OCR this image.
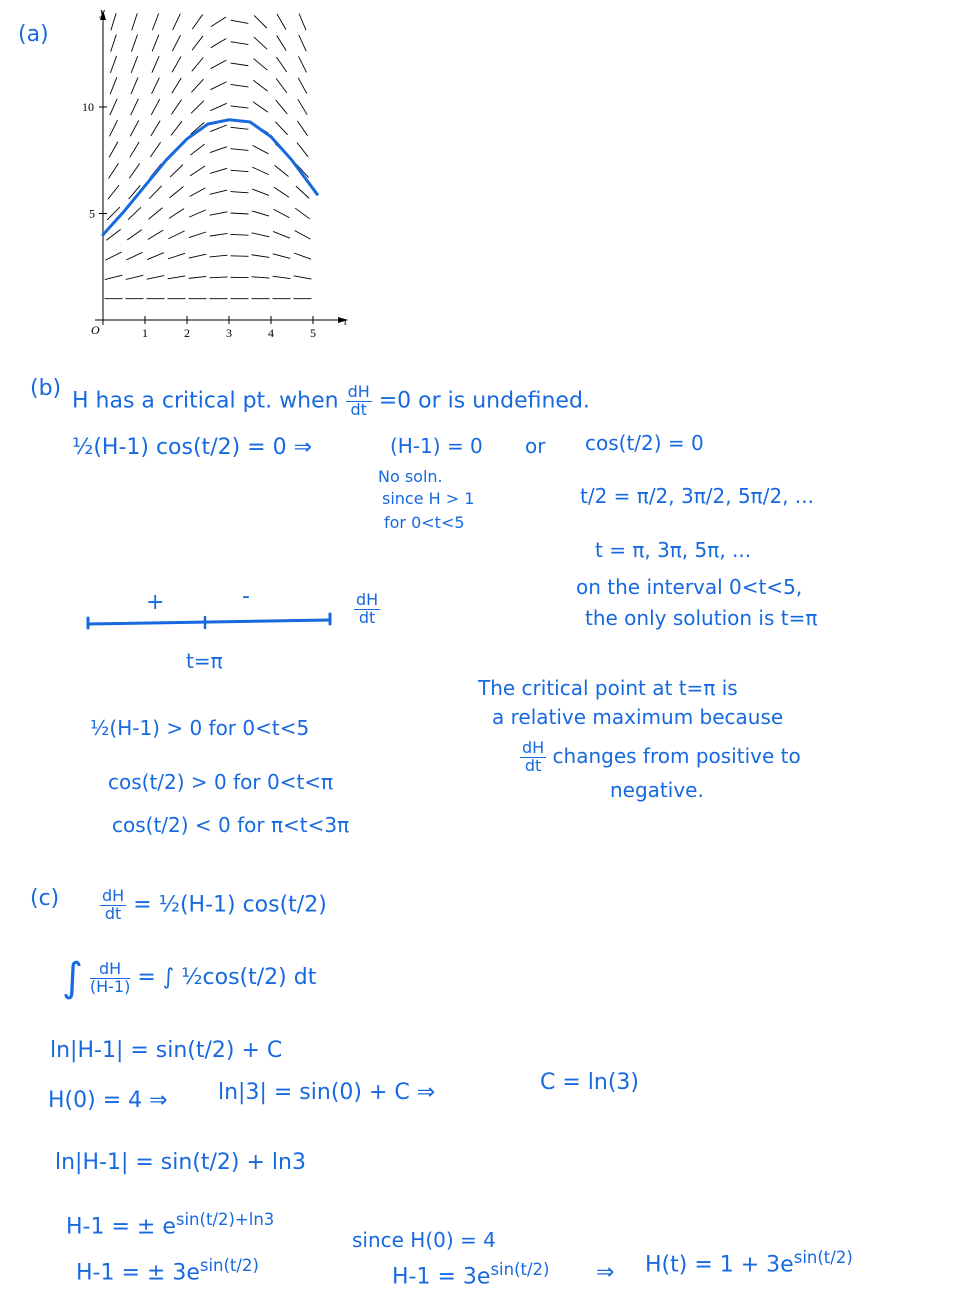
(a)
y
t
O	1	2	3	4	5
5
10
(b) H has a critical pt. when $\frac{dH}{dt} =0$ or is undefined.
½(H-1) cos(t/2) = 0 ⇒	(H-1) = 0 or cos(t/2) = 0
No soln.
since H > 1
for 0<t<5
t/2 = π/2, 3π/2, 5π/2, ...
t = π, 3π, 5π, ...
on the interval 0<t<5,
the only solution is t=π
+	-	$\frac{dH}{dt}$
t=π
The critical point at t=π is
a relative maximum because
$\frac{dH}{dt}$ changes from positive to
negative.
½(H-1) > 0 for 0<t<5
cos(t/2) > 0 for 0<t<π
cos(t/2) < 0 for π<t<3π
(c)	$\frac{dH}{dt}$ = ½(H-1) cos(t/2)
∫ $\frac{dH}{(H-1)}$ = ∫ ½cos(t/2) dt
ln|H-1| = sin(t/2) + C
H(0) = 4 ⇒ ln|3| = sin(0) + C ⇒	C = ln(3)
ln|H-1| = sin(t/2) + ln3
H-1 = ± $e^{sin(t/2)+ln3}$
H-1 = ± $3e^{sin(t/2)}$
since H(0) = 4
$H-1 = 3e^{sin(t/2)}$ ⇒ $H(t) = 1 + 3e^{sin(t/2)}$
